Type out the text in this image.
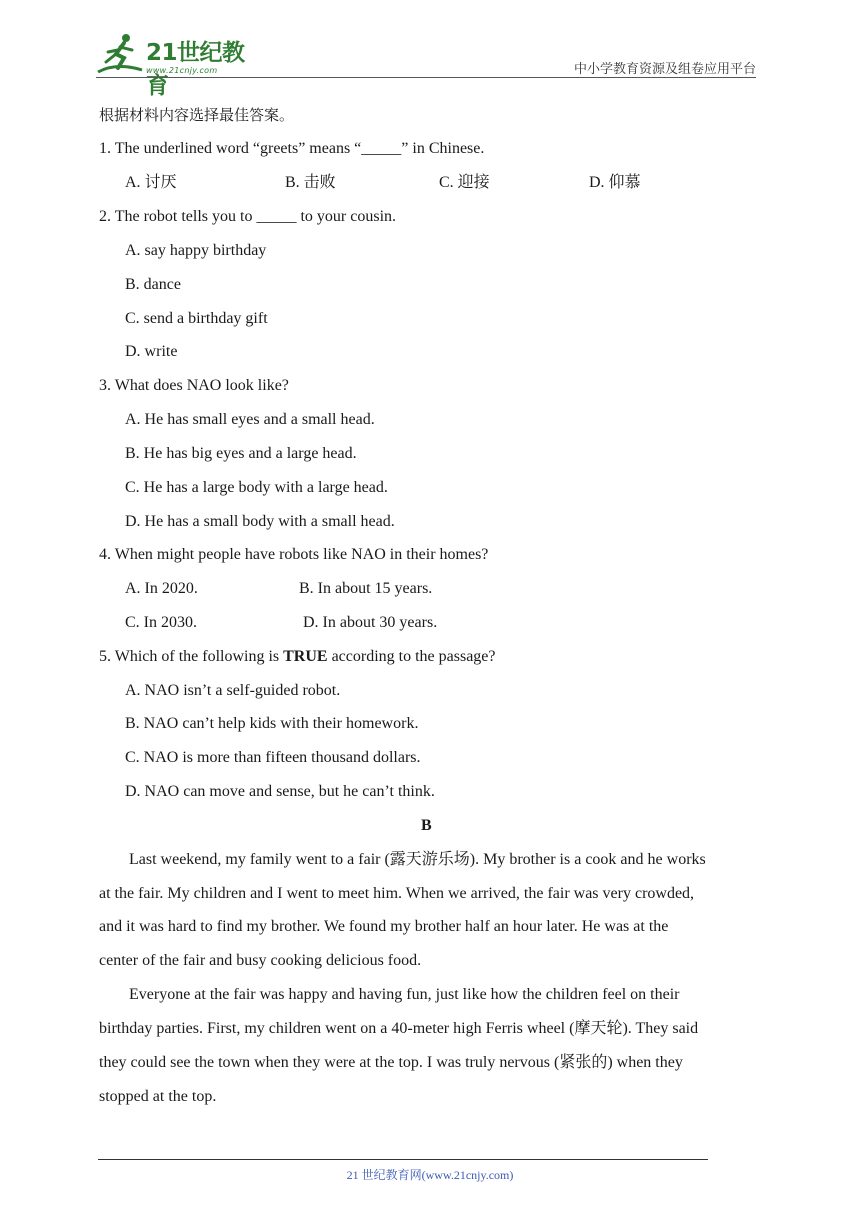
21世纪教育
www.21cnjy.com	中小学教育资源及组卷应用平台
根据材料内容选择最佳答案。
1. The underlined word “greets” means “_____” in Chinese.
A. 讨厌	B. 击败	C. 迎接	D. 仰慕
2. The robot tells you to _____ to your cousin.
A. say happy birthday
B. dance
C. send a birthday gift
D. write
3. What does NAO look like?
A. He has small eyes and a small head.
B. He has big eyes and a large head.
C. He has a large body with a large head.
D. He has a small body with a small head.
4. When might people have robots like NAO in their homes?
A. In 2020.	B. In about 15 years.
C. In 2030.	D. In about 30 years.
5. Which of the following is TRUE according to the passage?
A. NAO isn’t a self-guided robot.
B. NAO can’t help kids with their homework.
C. NAO is more than fifteen thousand dollars.
D. NAO can move and sense, but he can’t think.
B
Last weekend, my family went to a fair (露天游乐场). My brother is a cook and he works
at the fair. My children and I went to meet him. When we arrived, the fair was very crowded,
and it was hard to find my brother. We found my brother half an hour later. He was at the
center of the fair and busy cooking delicious food.
Everyone at the fair was happy and having fun, just like how the children feel on their
birthday parties. First, my children went on a 40-meter high Ferris wheel (摩天轮). They said
they could see the town when they were at the top. I was truly nervous (紧张的) when they
stopped at the top.
21 世纪教育网(www.21cnjy.com)
